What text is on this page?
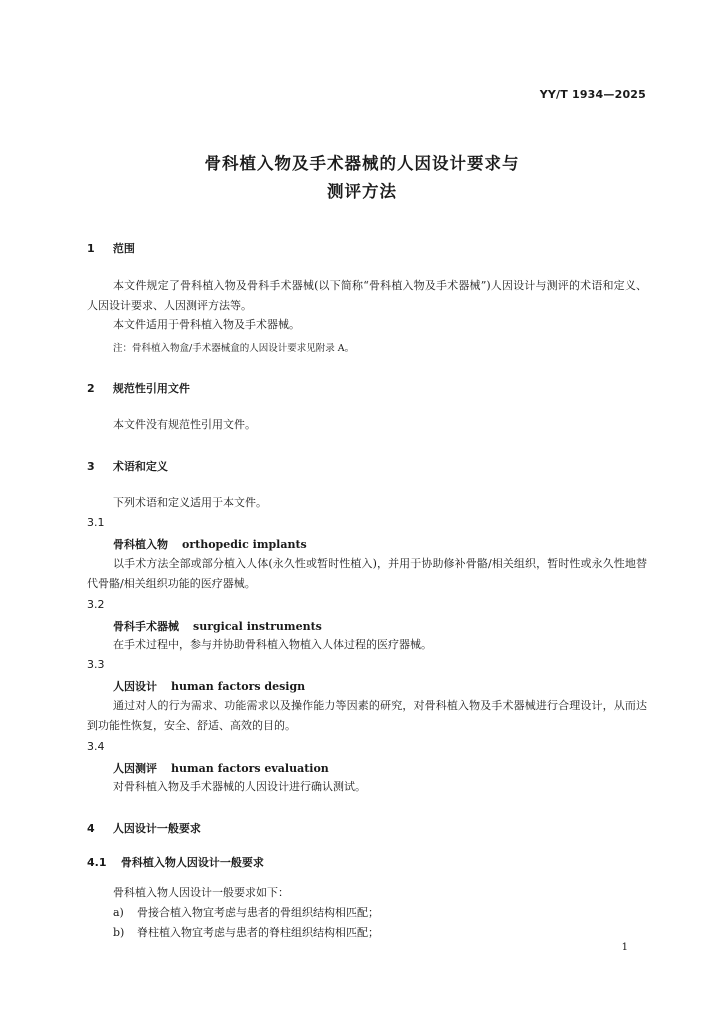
YY/T 1934—2025
骨科植入物及手术器械的人因设计要求与
测评方法
1 范围
本文件规定了骨科植入物及骨科手术器械(以下简称“骨科植入物及手术器械”)人因设计与测评的术语和定义、人因设计要求、人因测评方法等。
本文件适用于骨科植入物及手术器械。
注：骨科植入物盒/手术器械盒的人因设计要求见附录 A。
2 规范性引用文件
本文件没有规范性引用文件。
3 术语和定义
下列术语和定义适用于本文件。
3.1
骨科植入物 orthopedic implants
以手术方法全部或部分植入人体(永久性或暂时性植入)，并用于协助修补骨骼/相关组织，暂时性或永久性地替代骨骼/相关组织功能的医疗器械。
3.2
骨科手术器械 surgical instruments
在手术过程中，参与并协助骨科植入物植入人体过程的医疗器械。
3.3
人因设计 human factors design
通过对人的行为需求、功能需求以及操作能力等因素的研究，对骨科植入物及手术器械进行合理设计，从而达到功能性恢复，安全、舒适、高效的目的。
3.4
人因测评 human factors evaluation
对骨科植入物及手术器械的人因设计进行确认测试。
4 人因设计一般要求
4.1 骨科植入物人因设计一般要求
骨科植入物人因设计一般要求如下：
a) 骨接合植入物宜考虑与患者的骨组织结构相匹配；
b) 脊柱植入物宜考虑与患者的脊柱组织结构相匹配；
1
